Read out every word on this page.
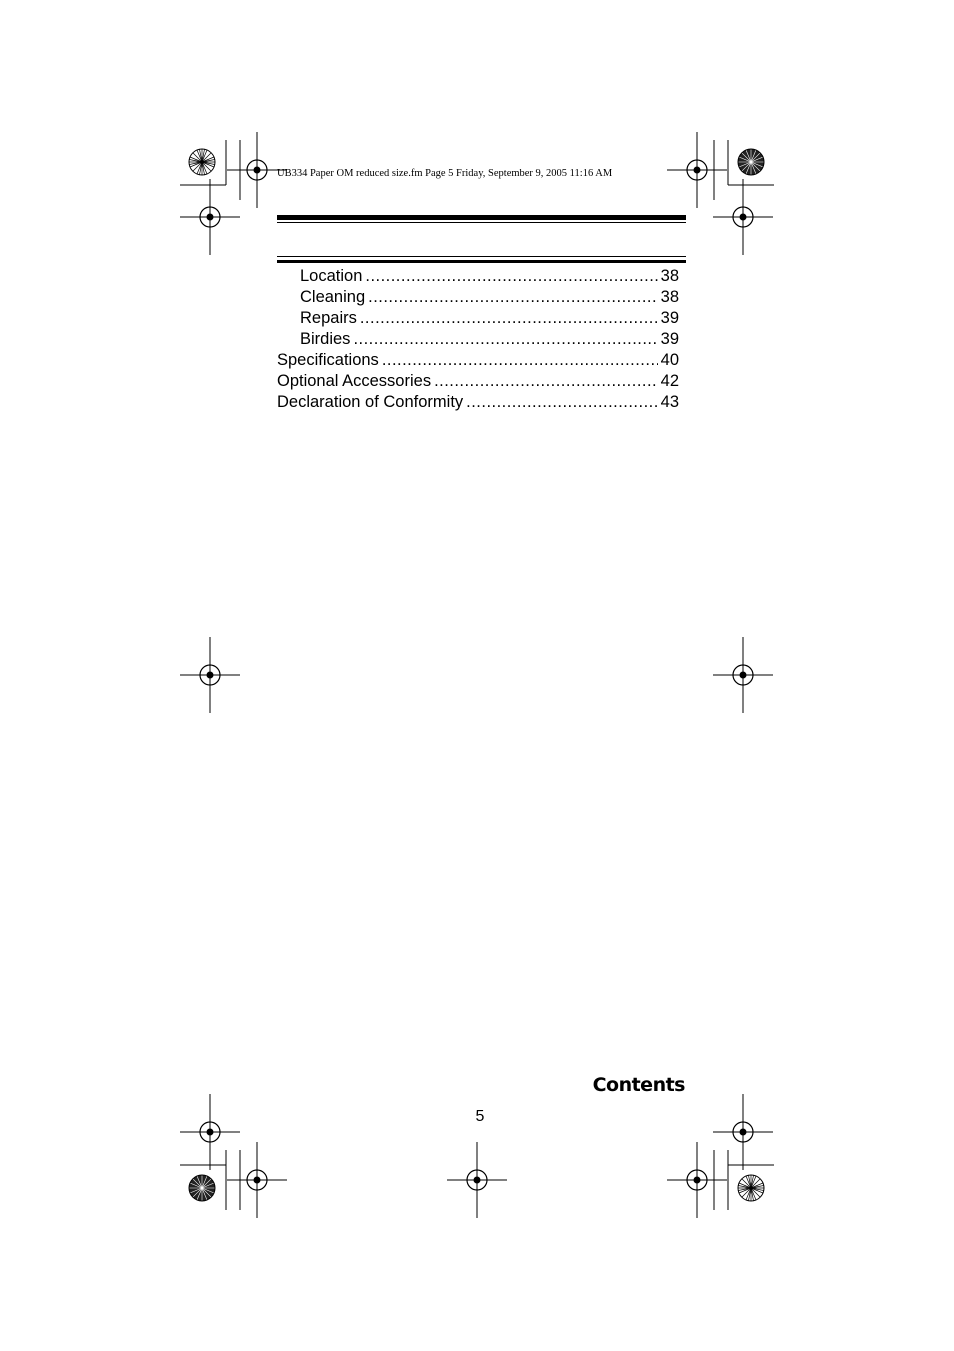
UB334 Paper OM reduced size.fm Page 5 Friday, September 9, 2005 11:16 AM
Location . . .	38
Cleaning . . .	38
Repairs . . .	39
Birdies . . .	39
Specifications . . .	40
Optional Accessories . . .	42
Declaration of Conformity . . .	43
Contents
5
